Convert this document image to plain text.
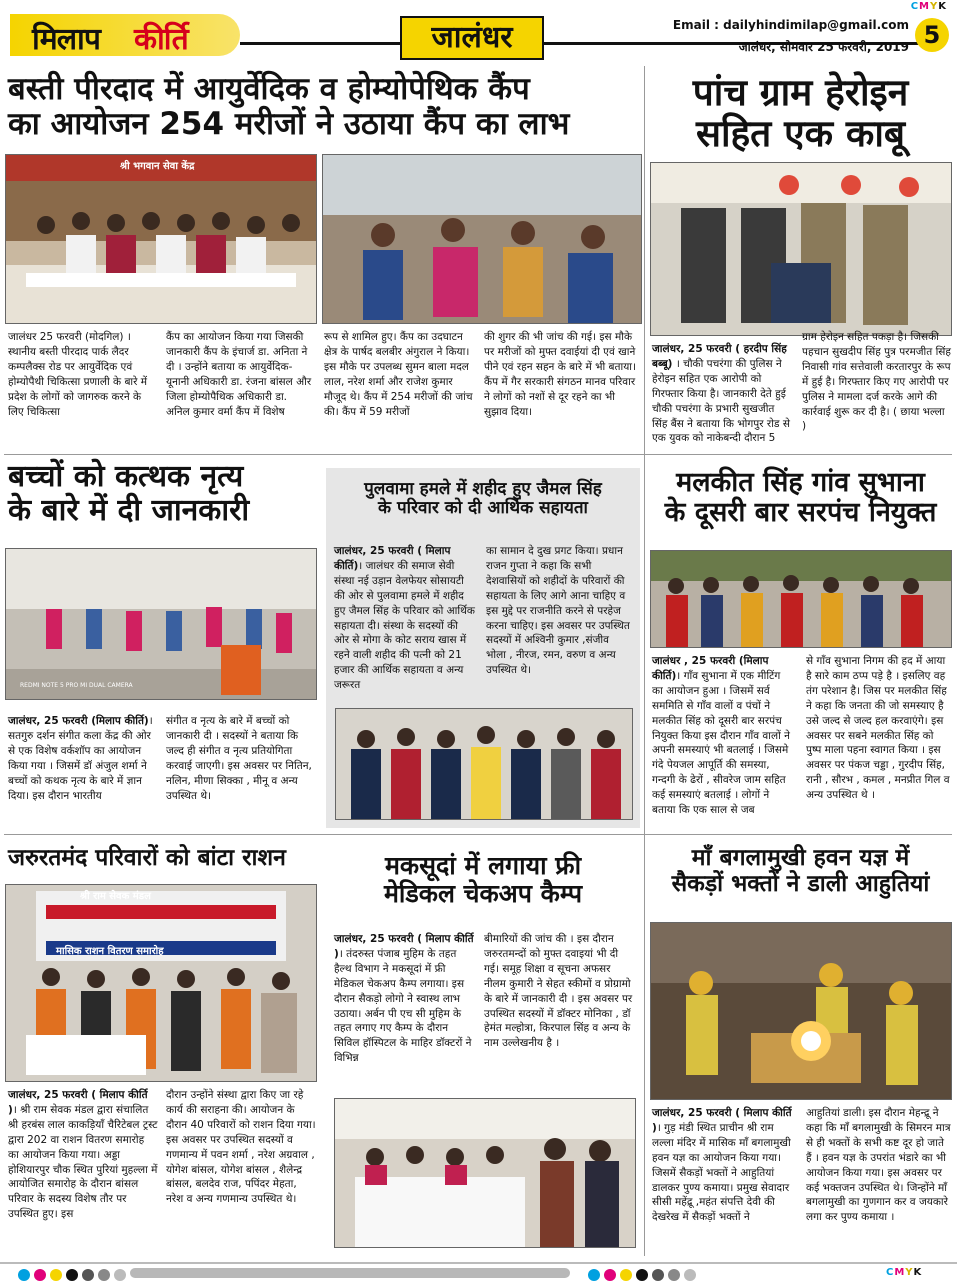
CMYK
मिलाप कीर्ति	जालंधर	Email : dailyhindimilap@gmail.com
जालंधर, सोमवार 25 फरवरी, 2019 5
बस्ती पीरदाद में आयुर्वेदिक व होम्योपेथिक कैंप
का आयोजन 254 मरीजों ने उठाया कैंप का लाभ
श्री भगवान सेवा केंद्र
जालंधर 25 फरवरी (मोदगिल) । स्थानीय बस्ती पीरदाद पार्क लैदर कम्पलैक्स रोड पर आयुर्वेदिक एवं होम्योपैथी चिकित्सा प्रणाली के बारे में प्रदेश के लोगों को जागरुक करने के लिए चिकित्सा
कैंप का आयोजन किया गया जिसकी जानकारी कैंप के इंचार्ज डा. अनिता ने दी । उन्होंने बताया क आयुर्वेदिक-यूनानी अधिकारी डा. रंजना बांसल और जिला होम्योपैथिक अधिकारी डा. अनिल कुमार वर्मा कैंप में विशेष
रूप से शामिल हुए। कैंप का उदघाटन क्षेत्र के पार्षद बलबीर अंगुराल ने किया। इस मौके पर उपलब्ध सुमन बाला मदल लाल, नरेश शर्मा और राजेश कुमार मौजूद थे। कैंप में 254 मरीजों की जांच की। कैंप में 59 मरीजों
की शुगर की भी जांच की गई। इस मौके पर मरीजों को मुफ्त दवाईयां दी एवं खाने पीने एवं रहन सहन के बारे में भी बताया। कैंप में गैर सरकारी संगठन मानव परिवार ने लोगों को नशों से दूर रहने का भी सुझाव दिया।
पांच ग्राम हेरोइन
सहित एक काबू
जालंधर, 25 फरवरी ( हरदीप सिंह बब्बू) । चौकी पचरंगा की पुलिस ने हेरोइन सहित एक आरोपी को गिरफ्तार किया है। जानकारी देते हुई चौकी पचरंगा के प्रभारी सुखजीत सिंह बैंस ने बताया कि भोगपुर रोड से एक युवक को नाकेबन्दी दौरान 5
ग्राम हेरोइन सहित पकड़ा है। जिसकी पहचान सुखदीप सिंह पुत्र परमजीत सिंह निवासी गांव सत्तेवाली करतारपुर के रूप में हुई है। गिरफ्तार किए गए आरोपी पर पुलिस ने मामला दर्ज करके आगे की कार्रवाई शुरू कर दी है। ( छाया भल्ला )
बच्चों को कत्थक नृत्य
के बारे में दी जानकारी
REDMI NOTE 5 PRO MI DUAL CAMERA
जालंधर, 25 फरवरी (मिलाप कीर्ति)। सतगुरु दर्शन संगीत कला केंद्र की ओर से एक विशेष वर्कशॉप का आयोजन किया गया । जिसमें डॉ अंजुल शर्मा ने बच्चों को कथक नृत्य के बारे में ज्ञान दिया। इस दौरान भारतीय
संगीत व नृत्य के बारे में बच्चों को जानकारी दी । सदस्यों ने बताया कि जल्द ही संगीत व नृत्य प्रतियोगिता करवाई जाएगी। इस अवसर पर नितिन, नलिन, मीणा सिक्का , मीनू व अन्य उपस्थित थे।
पुलवामा हमले में शहीद हुए जैमल सिंह
के परिवार को दी आर्थिक सहायता
जालंधर, 25 फरवरी ( मिलाप कीर्ति)। जालंधर की समाज सेवी संस्था नई उड़ान वेलफेयर सोसायटी की ओर से पुलवामा हमले में शहीद हुए जैमल सिंह के परिवार को आर्थिक सहायता दी। संस्था के सदस्यों की ओर से मोगा के कोट सराय खास में रहने वाली शहीद की पत्नी को 21 हजार की आर्थिक सहायता व अन्य जरूरत
का सामान दे दुख प्रगट किया। प्रधान राजन गुप्ता ने कहा कि सभी देशवासियों को शहीदों के परिवारों की सहायता के लिए आगे आना चाहिए व इस मुद्दे पर राजनीति करने से परहेज करना चाहिए। इस अवसर पर उपस्थित सदस्यों में अश्विनी कुमार ,संजीव भोला , नीरज, रमन, वरुण व अन्य उपस्थित थे।
मलकीत सिंह गांव सुभाना
के दूसरी बार सरपंच नियुक्त
जालंधर , 25 फरवरी (मिलाप कीर्ति)। गाँव सुभाना में एक मीटिंग का आयोजन हुआ । जिसमें सर्व सममिति से गाँव वालों व पंचों ने मलकीत सिंह को दूसरी बार सरपंच नियुक्त किया इस दौरान गाँव वालों ने अपनी समस्याएं भी बतलाई । जिसमे गंदे पेयजल आपूर्ति की समस्या, गन्दगी के ढेरों , सीवरेज जाम सहित कई समस्याएं बतलाई । लोगों ने बताया कि एक साल से जब
से गाँव सुभाना निगम की हद में आया है सारे काम ठप्प पड़े है । इसलिए वह तंग परेशान है। जिस पर मलकीत सिंह ने कहा कि जनता की जो समस्याए है उसे जल्द से जल्द हल करवाएंगे। इस अवसर पर सबने मलकीत सिंह को पुष्प माला पहना स्वागत किया । इस अवसर पर पंकज चड्डा , गुरदीप सिंह, रानी , सौरभ , कमल , मनप्रीत गिल व अन्य उपस्थित थे ।
जरुरतमंद परिवारों को बांटा राशन
श्री राम सेवक मंडल
मासिक राशन वितरण समारोह
जालंधर, 25 फरवरी ( मिलाप कीर्ति )। श्री राम सेवक मंडल द्वारा संचालित श्री हरबंस लाल काकड़ियाँ चैरिटेबल ट्रस्ट द्वारा 202 वा राशन वितरण समारोह का आयोजन किया गया। अड्डा होशियारपुर चौक स्थित पुरियां मुहल्ला में आयोजित समारोह के दौरान बांसल परिवार के सदस्य विशेष तौर पर उपस्थित हुए। इस
दौरान उन्होंने संस्था द्वारा किए जा रहे कार्य की सराहना की। आयोजन के दौरान 40 परिवारों को राशन दिया गया। इस अवसर पर उपस्थित सदस्यों व गणमान्य में पवन शर्मा , नरेश अग्रवाल , योगेश बांसल, योगेश बांसल , शैलेन्द्र बांसल, बलदेव राज, पपिंदर मेहता, नरेश व अन्य गणमान्य उपस्थित थे।
मकसूदां में लगाया फ्री
मेडिकल चेकअप कैम्प
जालंधर, 25 फरवरी ( मिलाप कीर्ति )। तंदरुस्त पंजाब मुहिम के तहत हैल्थ विभाग ने मकसूदां में फ्री मेडिकल चेकअप कैम्प लगाया। इस दौरान सैकड़ो लोगो ने स्वास्थ लाभ उठाया। अर्बन पी एच सी मुहिम के तहत लगाए गए कैम्प के दौरान सिविल हॉस्पिटल के माहिर डॉक्टरों ने विभिन्न
बीमारियों की जांच की । इस दौरान जरुरतमन्दों को मुफ्त दवाइयां भी दी गई। समूह शिक्षा व सूचना अफसर नीलम कुमारी ने सेहत स्कीमों व प्रोग्रामो के बारे में जानकारी दी । इस अवसर पर उपस्थित सदस्यों में डॉक्टर मोनिका , डॉ हेमंत मल्होत्रा, किरपाल सिंह व अन्य के नाम उल्लेखनीय है ।
माँ बगलामुखी हवन यज्ञ में
सैकड़ों भक्तों ने डाली आहुतियां
जालंधर, 25 फरवरी ( मिलाप कीर्ति )। गुड़ मंडी स्थित प्राचीन श्री राम लल्ला मंदिर में मासिक माँ बगलामुखी हवन यज्ञ का आयोजन किया गया। जिसमें सैकड़ों भक्तों ने आहुतियां डालकर पुण्य कमाया। प्रमुख सेवादार सीसी महेंद्रू ,महंत संपत्ति देवी की देखरेख में सैकड़ों भक्तों ने
आहुतियां डाली। इस दौरान मेहन्द्रू ने कहा कि माँ बगलामुखी के सिमरन मात्र से ही भक्तों के सभी कष्ट दूर हो जाते हैं । हवन यज्ञ के उपरांत भंडारे का भी आयोजन किया गया। इस अवसर पर कई भक्तजन उपस्थित थे। जिन्होंने माँ बगलामुखी का गुणगान कर व जयकारे लगा कर पुण्य कमाया ।
CMYK
